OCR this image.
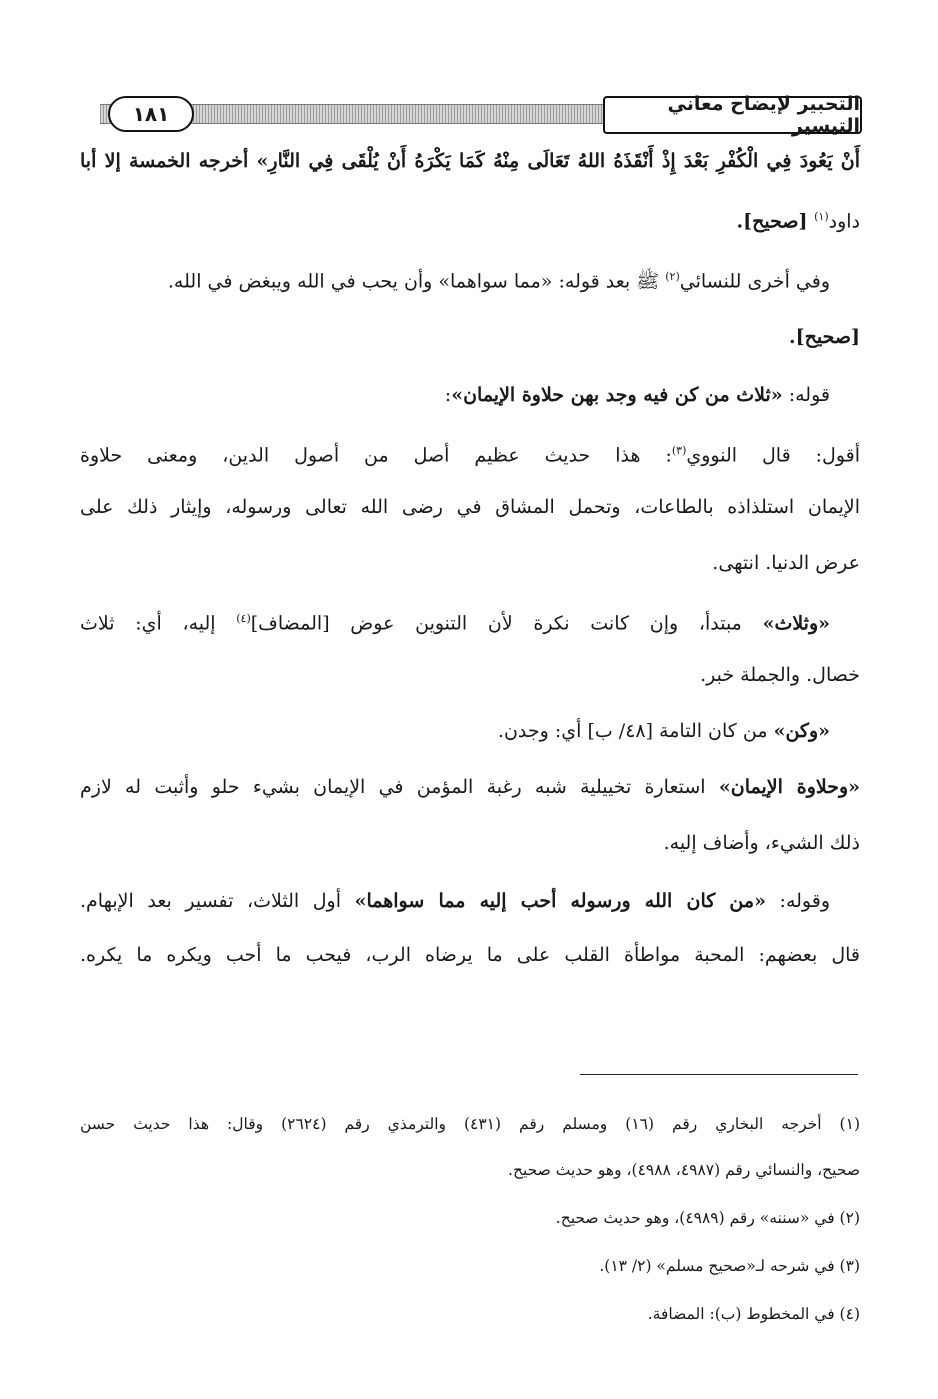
التحبير لإيضاح معاني التيسير
١٨١
أَنْ يَعُودَ فِي الْكُفْرِ بَعْدَ إِذْ أَنْقَذَهُ اللهُ تَعَالَى مِنْهُ كَمَا يَكْرَهُ أَنْ يُلْقَى فِي النَّارِ» أخرجه الخمسة إلا أبا
داود$^{(١)}$ [صحيح].
وفي أخرى للنسائي$^{(٢)}$ ﷺ بعد قوله: «مما سواهما» وأن يحب في الله ويبغض في الله.
[صحيح].
قوله: «ثلاث من كن فيه وجد بهن حلاوة الإيمان»:
أقول: قال النووي$^{(٣)}$: هذا حديث عظيم أصل من أصول الدين، ومعنى حلاوة
الإيمان استلذاذه بالطاعات، وتحمل المشاق في رضى الله تعالى ورسوله، وإيثار ذلك على
عرض الدنيا. انتهى.
«وثلاث» مبتدأ، وإن كانت نكرة لأن التنوين عوض [المضاف]$^{(٤)}$ إليه، أي: ثلاث
خصال. والجملة خبر.
«وكن» من كان التامة [٤٨/ ب] أي: وجدن.
«وحلاوة الإيمان» استعارة تخييلية شبه رغبة المؤمن في الإيمان بشيء حلو وأثبت له لازم
ذلك الشيء، وأضاف إليه.
وقوله: «من كان الله ورسوله أحب إليه مما سواهما» أول الثلاث، تفسير بعد الإبهام.
قال بعضهم: المحبة مواطأة القلب على ما يرضاه الرب، فيحب ما أحب ويكره ما يكره.
(١) أخرجه البخاري رقم (١٦) ومسلم رقم (٤٣١) والترمذي رقم (٢٦٢٤) وقال: هذا حديث حسن
صحيح، والنسائي رقم (٤٩٨٧، ٤٩٨٨)، وهو حديث صحيح.
(٢) في «سننه» رقم (٤٩٨٩)، وهو حديث صحيح.
(٣) في شرحه لـ«صحيح مسلم» (٢/ ١٣).
(٤) في المخطوط (ب): المضافة.
